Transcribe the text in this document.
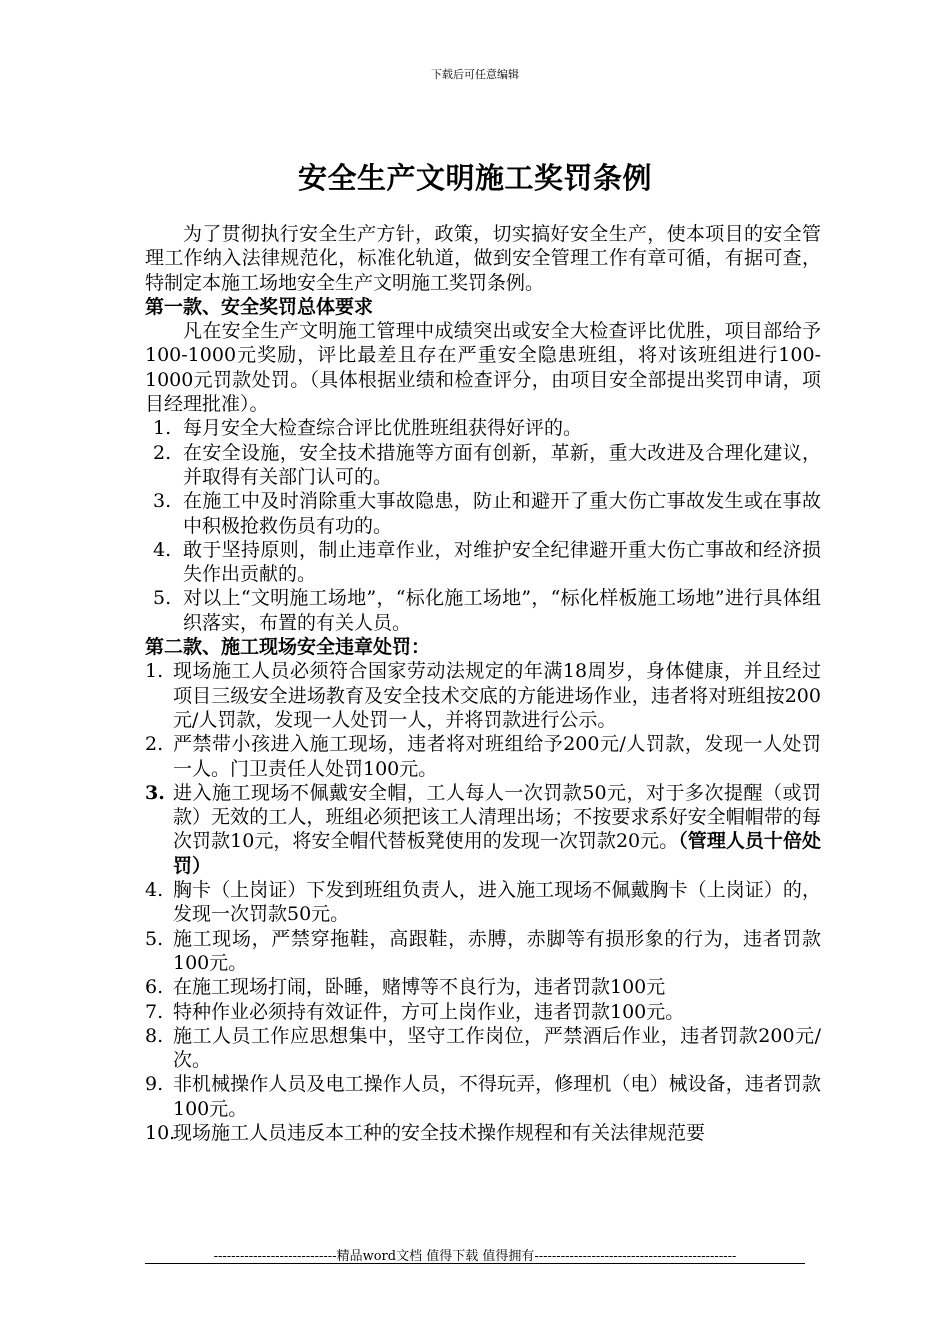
下载后可任意编辑
安全生产文明施工奖罚条例

为了贯彻执行安全生产方针，政策，切实搞好安全生产，使本项目的安全管理工作纳入法律规范化，标准化轨道，做到安全管理工作有章可循，有据可查，特制定本施工场地安全生产文明施工奖罚条例。

第一款、安全奖罚总体要求

凡在安全生产文明施工管理中成绩突出或安全大检查评比优胜，项目部给予100-1000元奖励，评比最差且存在严重安全隐患班组，将对该班组进行100-1000元罚款处罚。（具体根据业绩和检查评分，由项目安全部提出奖罚申请，项目经理批准）。

1. 每月安全大检查综合评比优胜班组获得好评的。
2. 在安全设施，安全技术措施等方面有创新，革新，重大改进及合理化建议，并取得有关部门认可的。
3. 在施工中及时消除重大事故隐患，防止和避开了重大伤亡事故发生或在事故中积极抢救伤员有功的。
4. 敢于坚持原则，制止违章作业，对维护安全纪律避开重大伤亡事故和经济损失作出贡献的。
5. 对以上“文明施工场地”，“标化施工场地”，“标化样板施工场地”进行具体组织落实，布置的有关人员。

第二款、施工现场安全违章处罚：

1. 现场施工人员必须符合国家劳动法规定的年满18周岁，身体健康，并且经过项目三级安全进场教育及安全技术交底的方能进场作业，违者将对班组按200元/人罚款，发现一人处罚一人，并将罚款进行公示。
2. 严禁带小孩进入施工现场，违者将对班组给予200元/人罚款，发现一人处罚一人。门卫责任人处罚100元。
3. 进入施工现场不佩戴安全帽，工人每人一次罚款50元，对于多次提醒（或罚款）无效的工人，班组必须把该工人清理出场；不按要求系好安全帽帽带的每次罚款10元，将安全帽代替板凳使用的发现一次罚款20元。（管理人员十倍处罚）
4. 胸卡（上岗证）下发到班组负责人，进入施工现场不佩戴胸卡（上岗证）的，发现一次罚款50元。
5. 施工现场，严禁穿拖鞋，高跟鞋，赤膊，赤脚等有损形象的行为，违者罚款100元。
6. 在施工现场打闹，卧睡，赌博等不良行为，违者罚款100元
7. 特种作业必须持有效证件，方可上岗作业，违者罚款100元。
8. 施工人员工作应思想集中，坚守工作岗位，严禁酒后作业，违者罚款200元/次。
9. 非机械操作人员及电工操作人员，不得玩弄，修理机（电）械设备，违者罚款100元。
10.
现场施工人员违反本工种的安全技术操作规程和有关法律规范要
----------------------------精品word文档 值得下载 值得拥有----------------------------------------------
